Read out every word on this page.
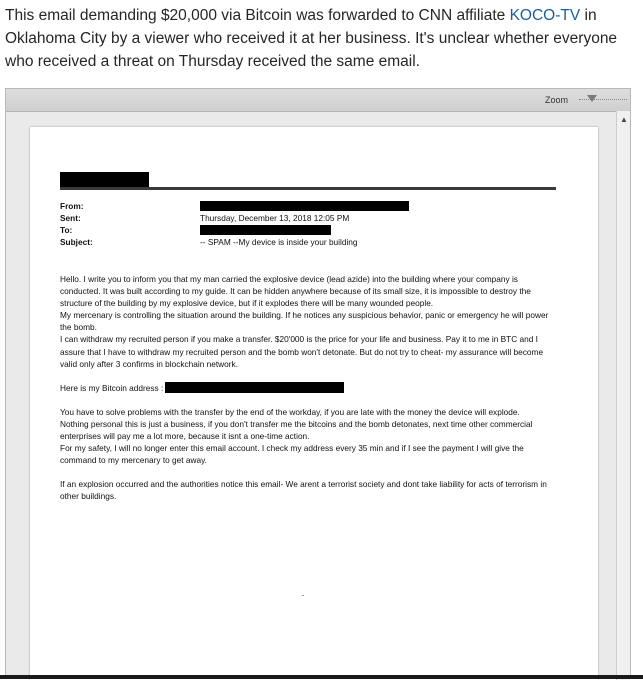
This email demanding $20,000 via Bitcoin was forwarded to CNN affiliate KOCO-TV in Oklahoma City by a viewer who received it at her business. It's unclear whether everyone who received a threat on Thursday received the same email.
Zoom
▲
From:
Sent:	Thursday, December 13, 2018 12:05 PM
To:
Subject:	-- SPAM --My device is inside your building

Hello. I write you to inform you that my man carried the explosive device (lead azide) into the building where your company is conducted. It was built according to my guide. It can be hidden anywhere because of its small size, it is impossible to destroy the structure of the building by my explosive device, but if it explodes there will be many wounded people.

My mercenary is controlling the situation around the building. If he notices any suspicious behavior, panic or emergency he will power the bomb.

I can withdraw my recruited person if you make a transfer. $20'000 is the price for your life and business. Pay it to me in BTC and I assure that I have to withdraw my recruited person and the bomb won't detonate. But do not try to cheat- my assurance will become valid only after 3 confirms in blockchain network.

Here is my Bitcoin address :

You have to solve problems with the transfer by the end of the workday, if you are late with the money the device will explode.

Nothing personal this is just a business, if you don't transfer me the bitcoins and the bomb detonates, next time other commercial enterprises will pay me a lot more, because it isnt a one-time action.

For my safety, I will no longer enter this email account. I check my address every 35 min and if I see the payment I will give the command to my mercenary to get away.

If an explosion occurred and the authorities notice this email- We arent a terrorist society and dont take liability for acts of terrorism in other buildings.
